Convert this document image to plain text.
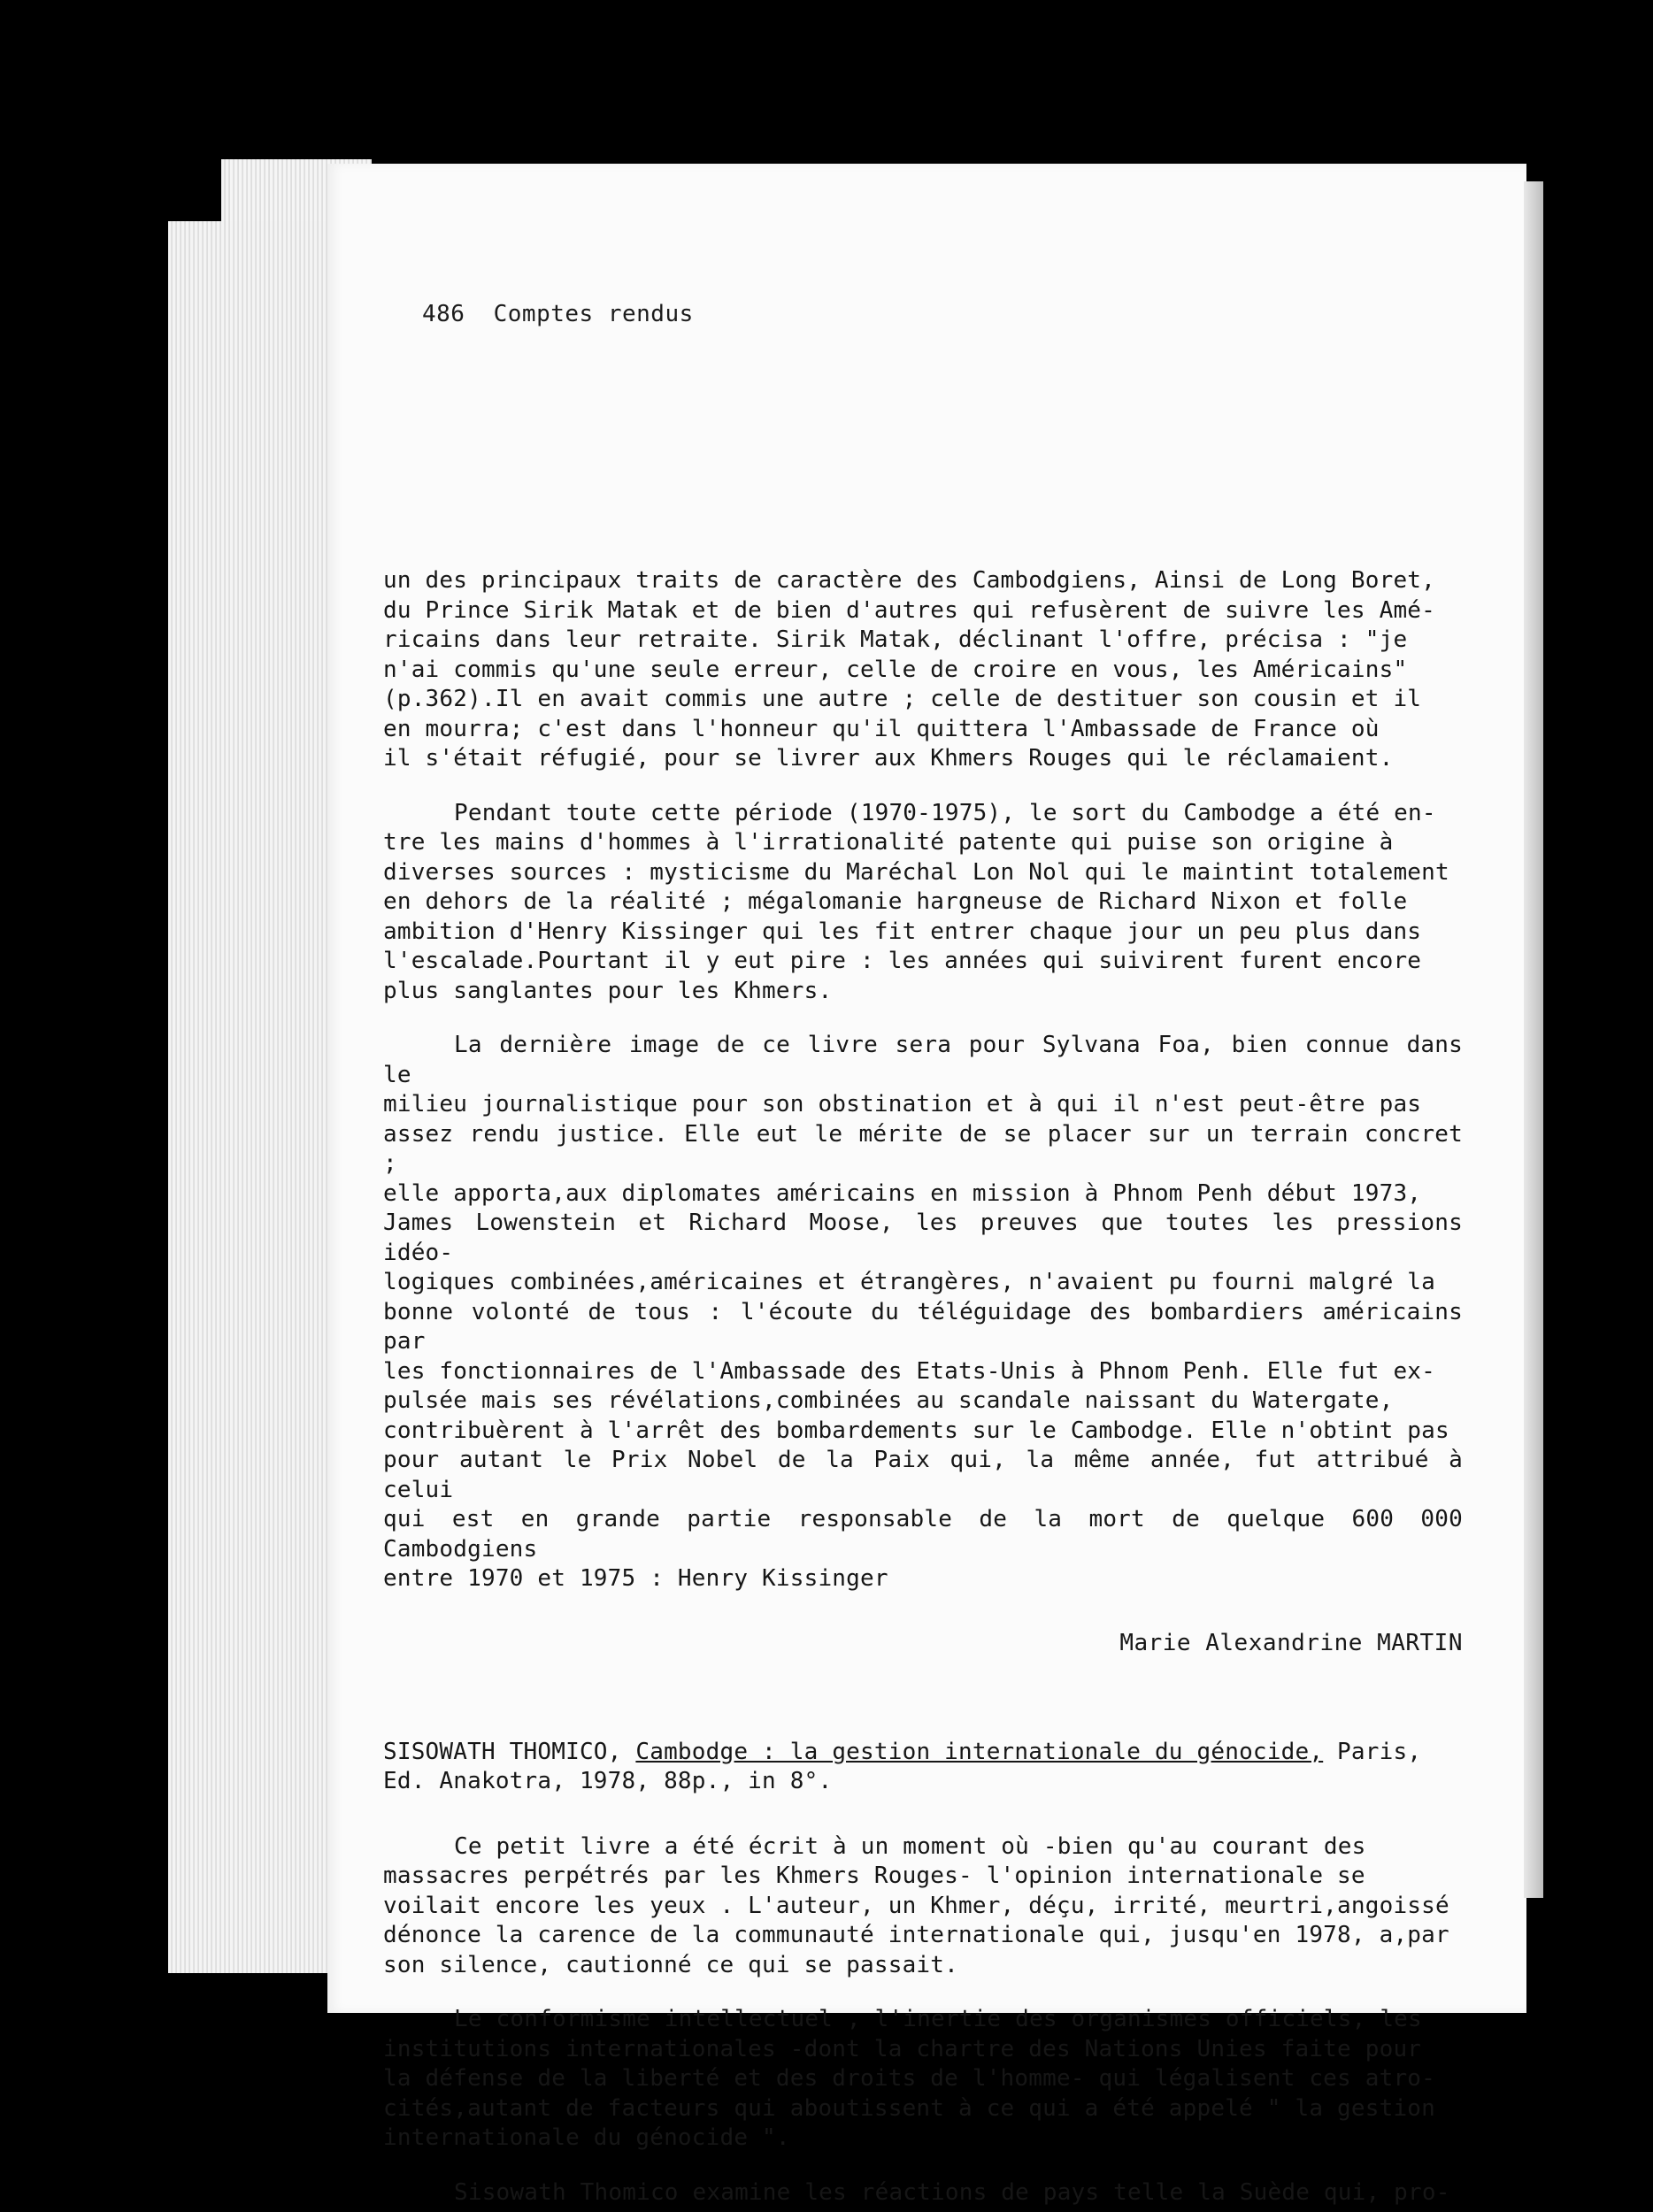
486 Comptes rendus

un des principaux traits de caractère des Cambodgiens, Ainsi de Long Boret,
du Prince Sirik Matak et de bien d'autres qui refusèrent de suivre les Amé-
ricains dans leur retraite. Sirik Matak, déclinant l'offre, précisa : "je
n'ai commis qu'une seule erreur, celle de croire en vous, les Américains"
(p.362).Il en avait commis une autre ; celle de destituer son cousin et il
en mourra; c'est dans l'honneur qu'il quittera l'Ambassade de France où
il s'était réfugié, pour se livrer aux Khmers Rouges qui le réclamaient.

Pendant toute cette période (1970-1975), le sort du Cambodge a été en-
tre les mains d'hommes à l'irrationalité patente qui puise son origine à
diverses sources : mysticisme du Maréchal Lon Nol qui le maintint totalement
en dehors de la réalité ; mégalomanie hargneuse de Richard Nixon et folle
ambition d'Henry Kissinger qui les fit entrer chaque jour un peu plus dans
l'escalade.Pourtant il y eut pire : les années qui suivirent furent encore
plus sanglantes pour les Khmers.

La dernière image de ce livre sera pour Sylvana Foa, bien connue dans le
milieu journalistique pour son obstination et à qui il n'est peut-être pas
assez rendu justice. Elle eut le mérite de se placer sur un terrain concret ;
elle apporta,aux diplomates américains en mission à Phnom Penh début 1973,
James Lowenstein et Richard Moose, les preuves que toutes les pressions idéo-
logiques combinées,américaines et étrangères, n'avaient pu fourni malgré la
bonne volonté de tous : l'écoute du téléguidage des bombardiers américains par
les fonctionnaires de l'Ambassade des Etats-Unis à Phnom Penh. Elle fut ex-
pulsée mais ses révélations,combinées au scandale naissant du Watergate,
contribuèrent à l'arrêt des bombardements sur le Cambodge. Elle n'obtint pas
pour autant le Prix Nobel de la Paix qui, la même année, fut attribué à celui
qui est en grande partie responsable de la mort de quelque 600 000 Cambodgiens
entre 1970 et 1975 : Henry Kissinger

Marie Alexandrine MARTIN
SISOWATH THOMICO, Cambodge : la gestion internationale du génocide, Paris,
Ed. Anakotra, 1978, 88p., in 8°.

Ce petit livre a été écrit à un moment où -bien qu'au courant des
massacres perpétrés par les Khmers Rouges- l'opinion internationale se
voilait encore les yeux . L'auteur, un Khmer, déçu, irrité, meurtri,angoissé
dénonce la carence de la communauté internationale qui, jusqu'en 1978, a,par
son silence, cautionné ce qui se passait.

Le conformisme intellectuel , l'inertie des organismes officiels, les
institutions internationales -dont la chartre des Nations Unies faite pour
la défense de la liberté et des droits de l'homme- qui légalisent ces atro-
cités,autant de facteurs qui aboutissent à ce qui a été appelé " la gestion
internationale du génocide ".

Sisowath Thomico examine les réactions de pays telle la Suède qui, pro-
